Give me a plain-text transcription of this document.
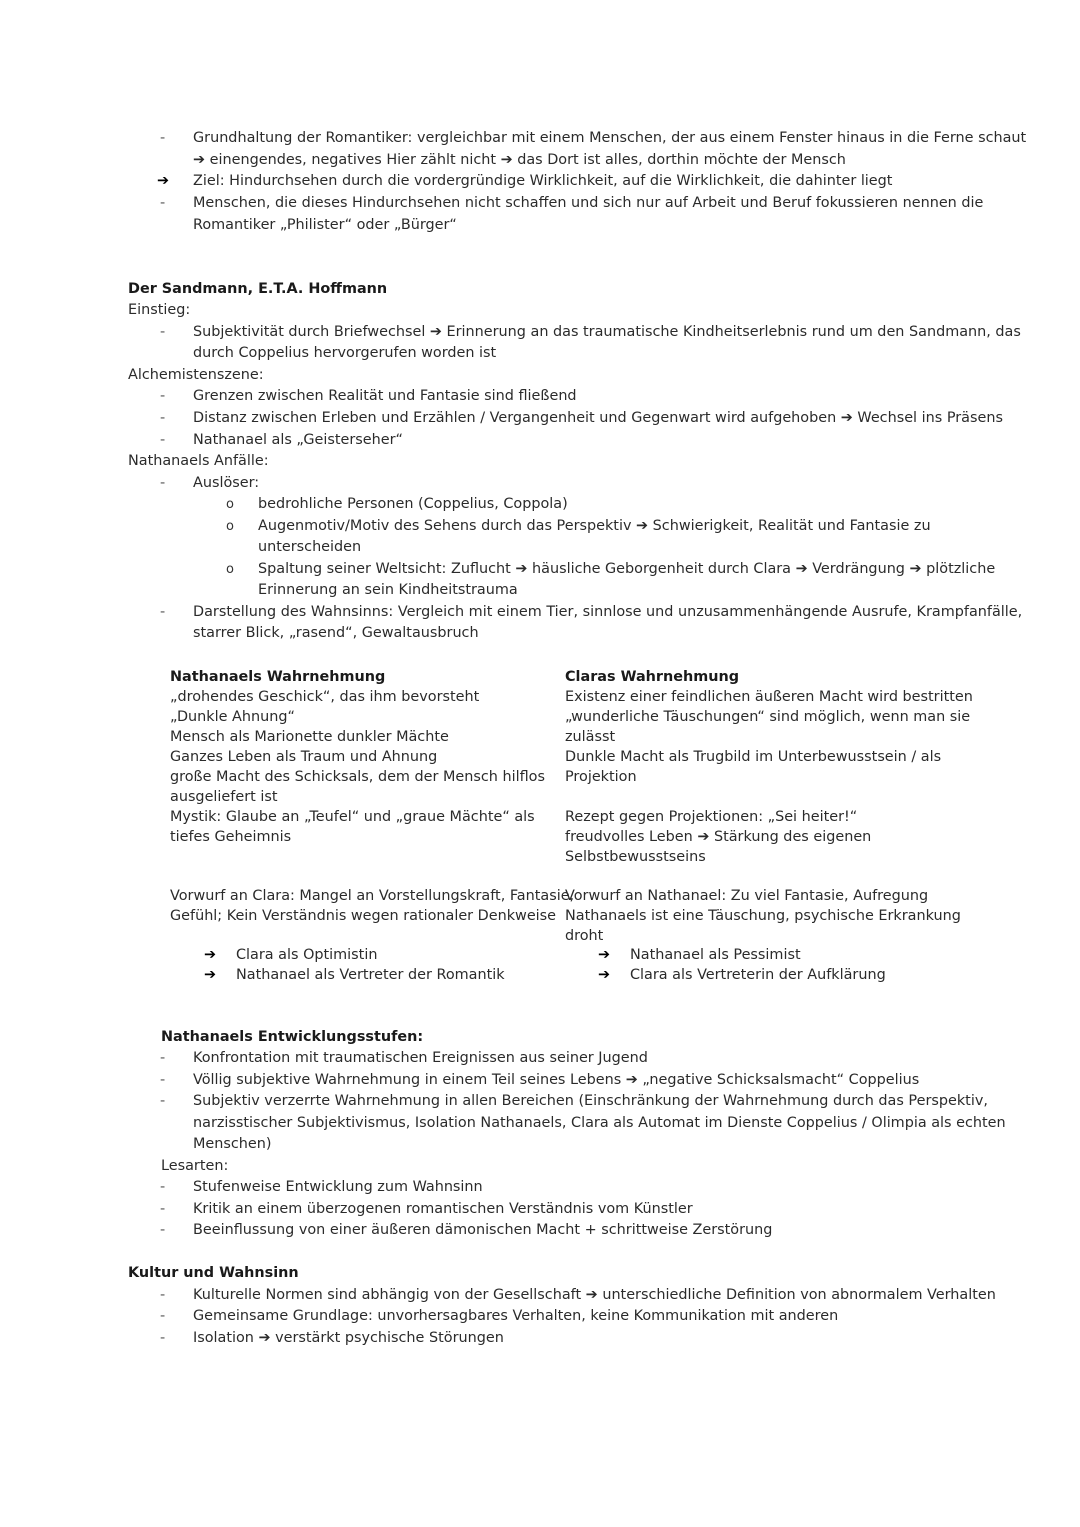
- Grundhaltung der Romantiker: vergleichbar mit einem Menschen, der aus einem Fenster hinaus in die Ferne schaut
➔ einengendes, negatives Hier zählt nicht ➔ das Dort ist alles, dorthin möchte der Mensch
➔ Ziel: Hindurchsehen durch die vordergründige Wirklichkeit, auf die Wirklichkeit, die dahinter liegt
- Menschen, die dieses Hindurchsehen nicht schaffen und sich nur auf Arbeit und Beruf fokussieren nennen die
Romantiker „Philister“ oder „Bürger“
Der Sandmann, E.T.A. Hoffmann
Einstieg:
- Subjektivität durch Briefwechsel ➔ Erinnerung an das traumatische Kindheitserlebnis rund um den Sandmann, das
durch Coppelius hervorgerufen worden ist
Alchemistenszene:
- Grenzen zwischen Realität und Fantasie sind fließend
- Distanz zwischen Erleben und Erzählen / Vergangenheit und Gegenwart wird aufgehoben ➔ Wechsel ins Präsens
- Nathanael als „Geisterseher“
Nathanaels Anfälle:
- Auslöser:
o bedrohliche Personen (Coppelius, Coppola)
o Augenmotiv/Motiv des Sehens durch das Perspektiv ➔ Schwierigkeit, Realität und Fantasie zu
unterscheiden
o Spaltung seiner Weltsicht: Zuflucht ➔ häusliche Geborgenheit durch Clara ➔ Verdrängung ➔ plötzliche
Erinnerung an sein Kindheitstrauma
- Darstellung des Wahnsinns: Vergleich mit einem Tier, sinnlose und unzusammenhängende Ausrufe, Krampfanfälle,
starrer Blick, „rasend“, Gewaltausbruch
Nathanaels Wahrnehmung
„drohendes Geschick“, das ihm bevorsteht
„Dunkle Ahnung“
Mensch als Marionette dunkler Mächte
Ganzes Leben als Traum und Ahnung
große Macht des Schicksals, dem der Mensch hilflos
ausgeliefert ist
Mystik: Glaube an „Teufel“ und „graue Mächte“ als
tiefes Geheimnis
Claras Wahrnehmung
Existenz einer feindlichen äußeren Macht wird bestritten
„wunderliche Täuschungen“ sind möglich, wenn man sie
zulässt
Dunkle Macht als Trugbild im Unterbewusstsein / als
Projektion

Rezept gegen Projektionen: „Sei heiter!“
freudvolles Leben ➔ Stärkung des eigenen
Selbstbewusstseins
Vorwurf an Clara: Mangel an Vorstellungskraft, Fantasie,
Gefühl; Kein Verständnis wegen rationaler Denkweise
Vorwurf an Nathanael: Zu viel Fantasie, Aufregung
Nathanaels ist eine Täuschung, psychische Erkrankung
droht
➔ Clara als Optimistin
➔ Nathanael als Vertreter der Romantik
➔ Nathanael als Pessimist
➔ Clara als Vertreterin der Aufklärung
Nathanaels Entwicklungsstufen:
- Konfrontation mit traumatischen Ereignissen aus seiner Jugend
- Völlig subjektive Wahrnehmung in einem Teil seines Lebens ➔ „negative Schicksalsmacht“ Coppelius
- Subjektiv verzerrte Wahrnehmung in allen Bereichen (Einschränkung der Wahrnehmung durch das Perspektiv,
narzisstischer Subjektivismus, Isolation Nathanaels, Clara als Automat im Dienste Coppelius / Olimpia als echten
Menschen)
Lesarten:
- Stufenweise Entwicklung zum Wahnsinn
- Kritik an einem überzogenen romantischen Verständnis vom Künstler
- Beeinflussung von einer äußeren dämonischen Macht + schrittweise Zerstörung
Kultur und Wahnsinn
- Kulturelle Normen sind abhängig von der Gesellschaft ➔ unterschiedliche Definition von abnormalem Verhalten
- Gemeinsame Grundlage: unvorhersagbares Verhalten, keine Kommunikation mit anderen
- Isolation ➔ verstärkt psychische Störungen
